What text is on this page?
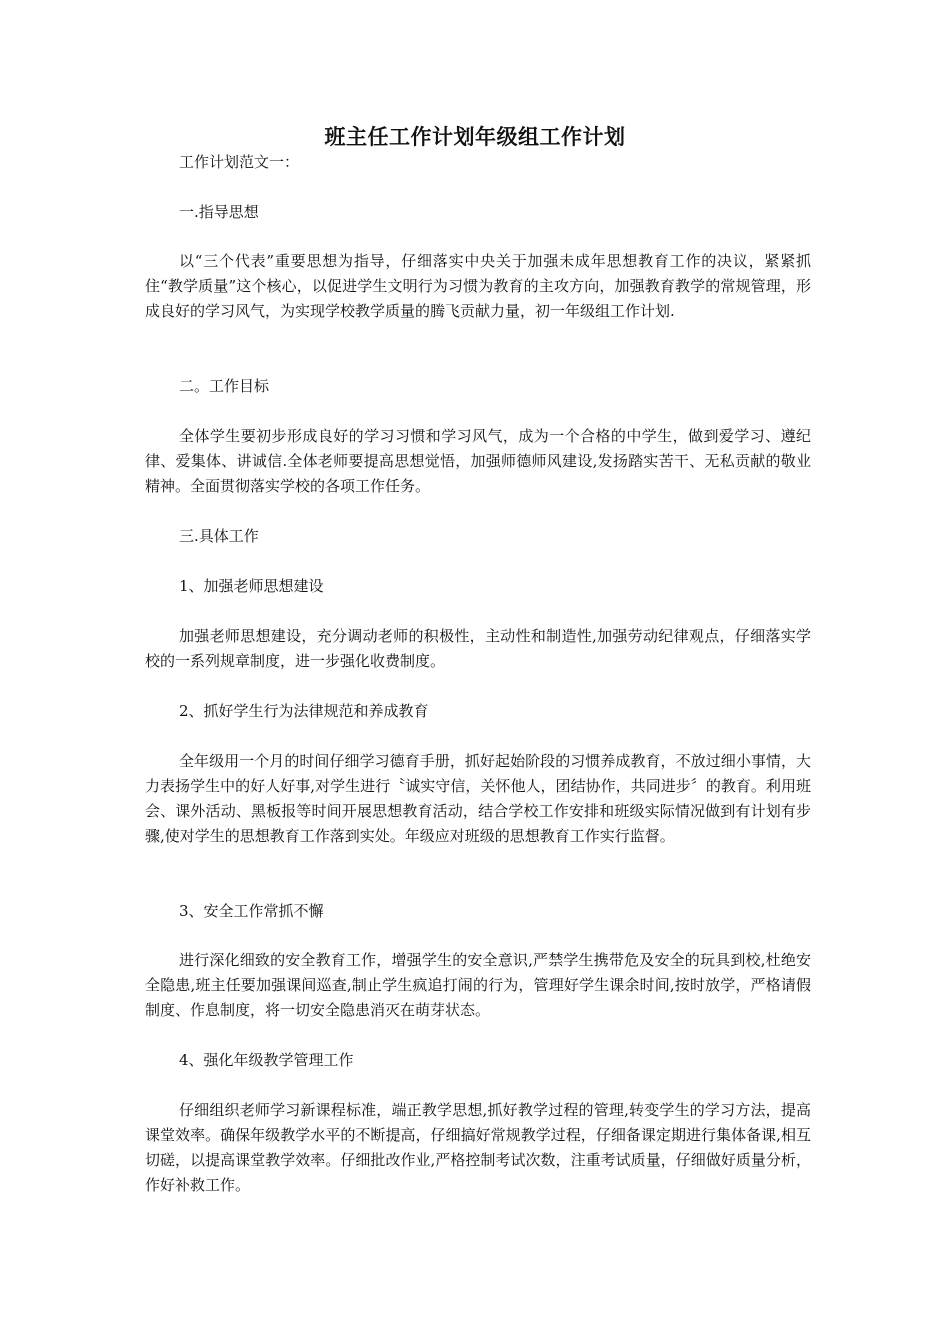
班主任工作计划年级组工作计划
工作计划范文一：
一.指导思想
以“三个代表”重要思想为指导，仔细落实中央关于加强未成年思想教育工作的决议，紧紧抓住“教学质量”这个核心，以促进学生文明行为习惯为教育的主攻方向，加强教育教学的常规管理，形成良好的学习风气，为实现学校教学质量的腾飞贡献力量，初一年级组工作计划.
二。工作目标
全体学生要初步形成良好的学习习惯和学习风气，成为一个合格的中学生，做到爱学习、遵纪律、爱集体、讲诚信.全体老师要提高思想觉悟，加强师德师风建设,发扬踏实苦干、无私贡献的敬业精神。全面贯彻落实学校的各项工作任务。
三.具体工作
1、加强老师思想建设
加强老师思想建设，充分调动老师的积极性，主动性和制造性,加强劳动纪律观点，仔细落实学校的一系列规章制度，进一步强化收费制度。
2、抓好学生行为法律规范和养成教育
全年级用一个月的时间仔细学习德育手册，抓好起始阶段的习惯养成教育，不放过细小事情，大力表扬学生中的好人好事,对学生进行〝诚实守信，关怀他人，团结协作，共同进步〞的教育。利用班会、课外活动、黑板报等时间开展思想教育活动，结合学校工作安排和班级实际情况做到有计划有步骤,使对学生的思想教育工作落到实处。年级应对班级的思想教育工作实行监督。
3、安全工作常抓不懈
进行深化细致的安全教育工作，增强学生的安全意识,严禁学生携带危及安全的玩具到校,杜绝安全隐患,班主任要加强课间巡查,制止学生疯追打闹的行为，管理好学生课余时间,按时放学，严格请假制度、作息制度，将一切安全隐患消灭在萌芽状态。
4、强化年级教学管理工作
仔细组织老师学习新课程标准，端正教学思想,抓好教学过程的管理,转变学生的学习方法，提高课堂效率。确保年级教学水平的不断提高，仔细搞好常规教学过程，仔细备课定期进行集体备课,相互切磋，以提高课堂教学效率。仔细批改作业,严格控制考试次数，注重考试质量，仔细做好质量分析，作好补救工作。
